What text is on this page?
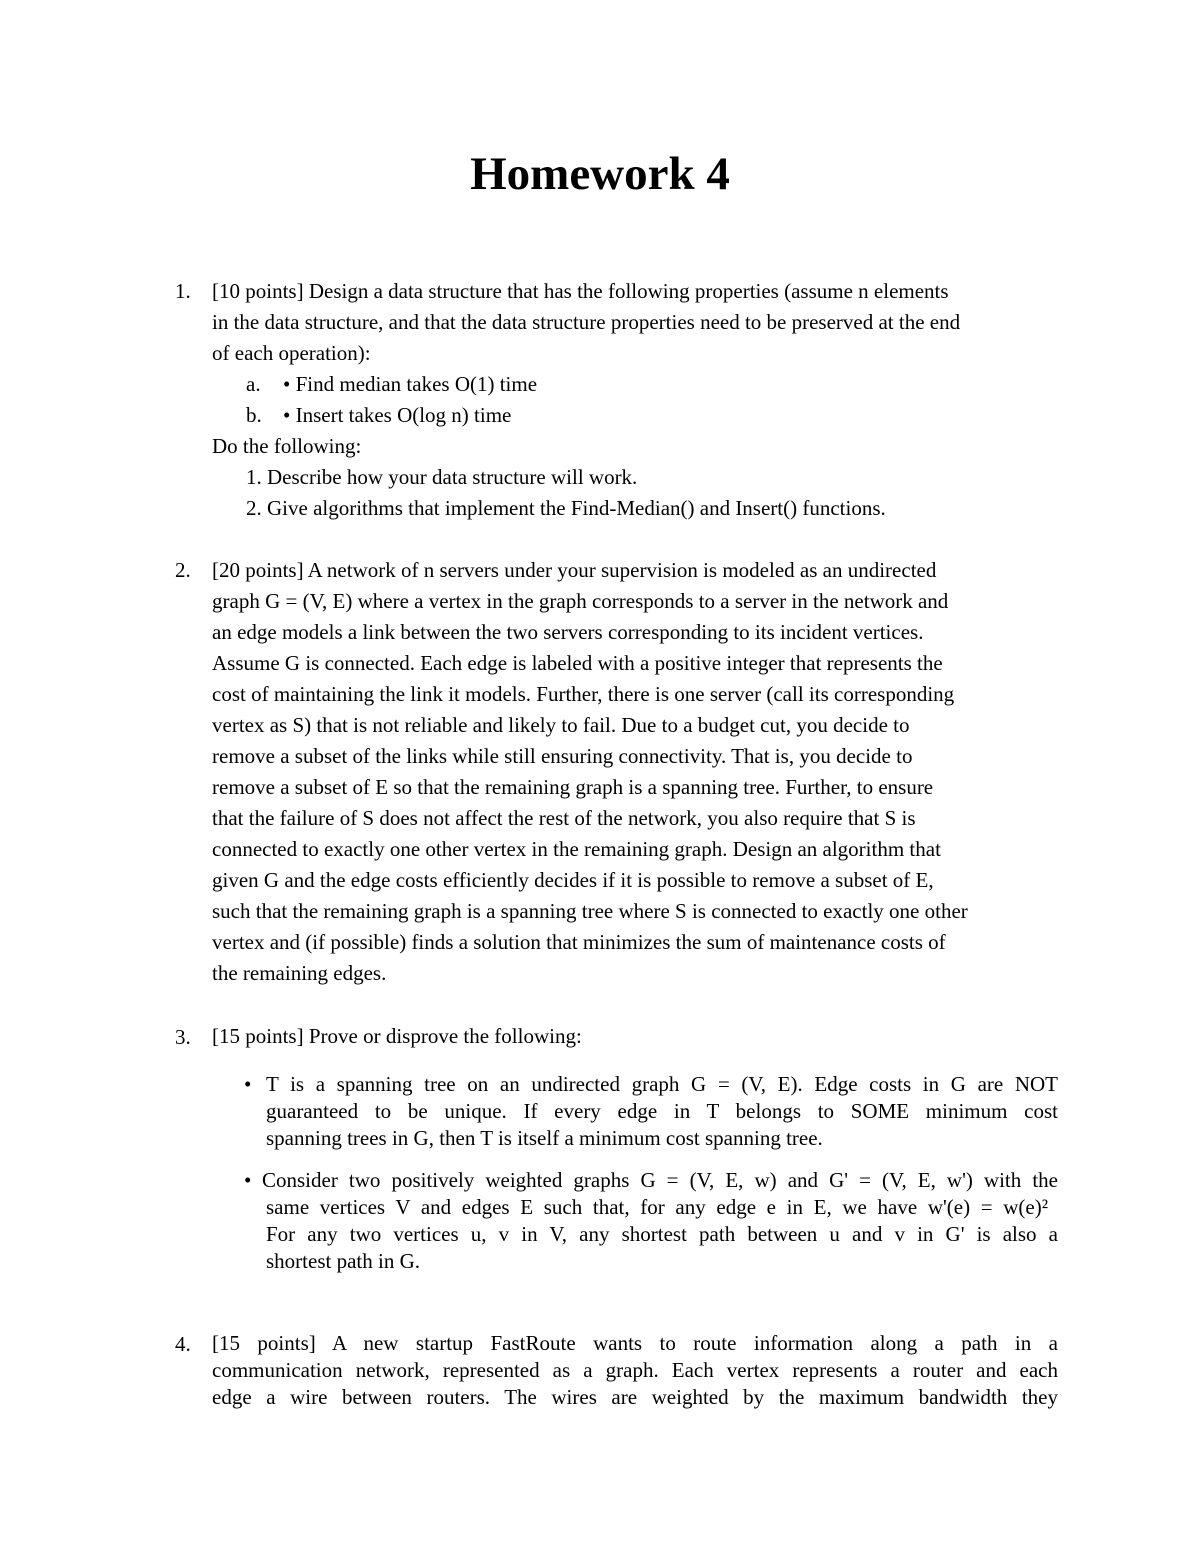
Homework 4
1. [10 points] Design a data structure that has the following properties (assume n elements
in the data structure, and that the data structure properties need to be preserved at the end
of each operation):
a. • Find median takes O(1) time
b. • Insert takes O(log n) time
Do the following:
1. Describe how your data structure will work.
2. Give algorithms that implement the Find-Median() and Insert() functions.
2. [20 points] A network of n servers under your supervision is modeled as an undirected
graph G = (V, E) where a vertex in the graph corresponds to a server in the network and
an edge models a link between the two servers corresponding to its incident vertices.
Assume G is connected. Each edge is labeled with a positive integer that represents the
cost of maintaining the link it models. Further, there is one server (call its corresponding
vertex as S) that is not reliable and likely to fail. Due to a budget cut, you decide to
remove a subset of the links while still ensuring connectivity. That is, you decide to
remove a subset of E so that the remaining graph is a spanning tree. Further, to ensure
that the failure of S does not affect the rest of the network, you also require that S is
connected to exactly one other vertex in the remaining graph. Design an algorithm that
given G and the edge costs efficiently decides if it is possible to remove a subset of E,
such that the remaining graph is a spanning tree where S is connected to exactly one other
vertex and (if possible) finds a solution that minimizes the sum of maintenance costs of
the remaining edges.
3. [15 points] Prove or disprove the following:
• T is a spanning tree on an undirected graph G = (V, E). Edge costs in G are NOT
guaranteed to be unique. If every edge in T belongs to SOME minimum cost
spanning trees in G, then T is itself a minimum cost spanning tree.
• Consider two positively weighted graphs G = (V, E, w) and G' = (V, E, w') with the
same vertices V and edges E such that, for any edge e in E, we have w'(e) = w(e)²
For any two vertices u, v in V, any shortest path between u and v in G' is also a
shortest path in G.
4. [15 points] A new startup FastRoute wants to route information along a path in a
communication network, represented as a graph. Each vertex represents a router and each
edge a wire between routers. The wires are weighted by the maximum bandwidth they
